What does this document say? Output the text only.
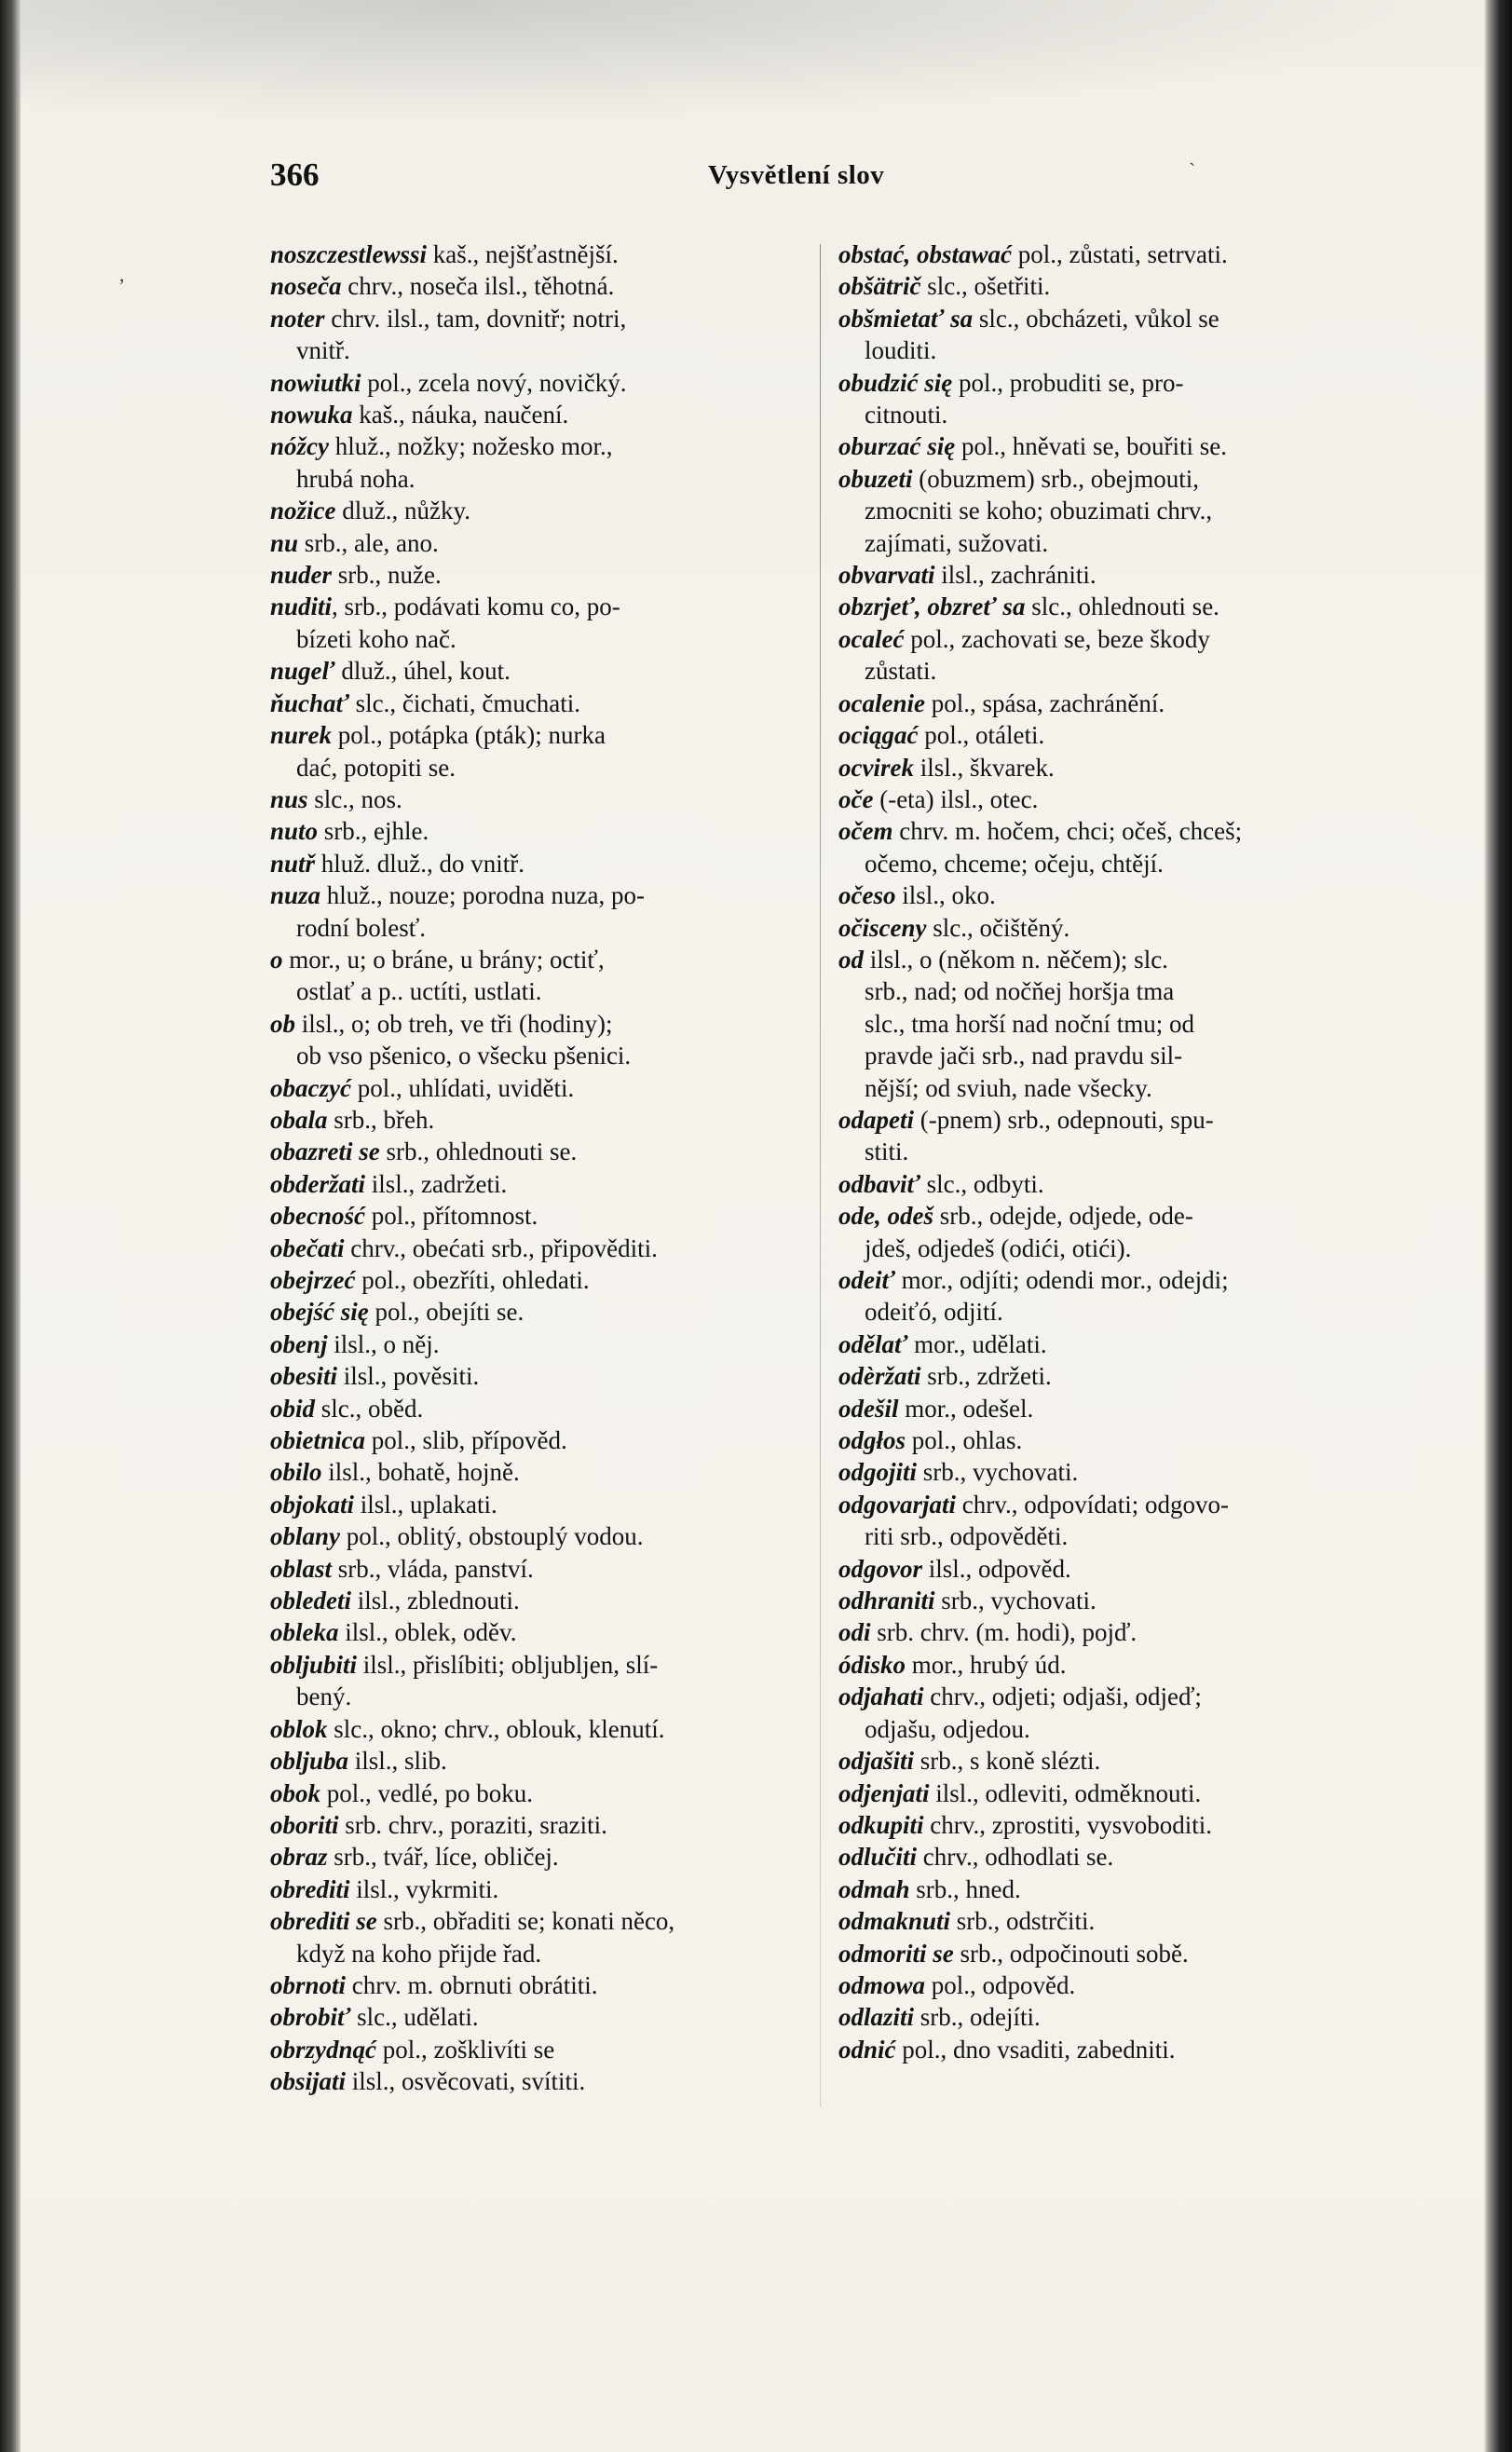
366	Vysvětlení slov
,
ˋ
noszczestlewssi kaš., nejšťastnější.
noseča chrv., noseča ilsl., těhotná.
noter chrv. ilsl., tam, dovnitř; notri,
vnitř.
nowiutki pol., zcela nový, novičký.
nowuka kaš., náuka, naučení.
nóžcy hluž., nožky; nožesko mor.,
hrubá noha.
nožice dluž., nůžky.
nu srb., ale, ano.
nuder srb., nuže.
nuditi, srb., podávati komu co, po-
bízeti koho nač.
nugeľ dluž., úhel, kout.
ňuchať slc., čichati, čmuchati.
nurek pol., potápka (pták); nurka
dać, potopiti se.
nus slc., nos.
nuto srb., ejhle.
nutř hluž. dluž., do vnitř.
nuza hluž., nouze; porodna nuza, po-
rodní bolesť.
o mor., u; o bráne, u brány; octiť,
ostlať a p.. uctíti, ustlati.
ob ilsl., o; ob treh, ve tři (hodiny);
ob vso pšenico, o všecku pšenici.
obaczyć pol., uhlídati, uviděti.
obala srb., břeh.
obazreti se srb., ohlednouti se.
obderžati ilsl., zadržeti.
obecność pol., přítomnost.
obečati chrv., obećati srb., připověditi.
obejrzeć pol., obezříti, ohledati.
obejść się pol., obejíti se.
obenj ilsl., o něj.
obesiti ilsl., pověsiti.
obid slc., oběd.
obietnica pol., slib, přípověd.
obilo ilsl., bohatě, hojně.
objokati ilsl., uplakati.
oblany pol., oblitý, obstouplý vodou.
oblast srb., vláda, panství.
obledeti ilsl., zblednouti.
obleka ilsl., oblek, oděv.
obljubiti ilsl., přislíbiti; obljubljen, slí-
bený.
oblok slc., okno; chrv., oblouk, klenutí.
obljuba ilsl., slib.
obok pol., vedlé, po boku.
oboriti srb. chrv., poraziti, sraziti.
obraz srb., tvář, líce, obličej.
obrediti ilsl., vykrmiti.
obrediti se srb., obřaditi se; konati něco,
když na koho přijde řad.
obrnoti chrv. m. obrnuti obrátiti.
obrobiť slc., udělati.
obrzydnąć pol., zošklivíti se
obsijati ilsl., osvěcovati, svítiti.
obstać, obstawać pol., zůstati, setrvati.
obšätrič slc., ošetřiti.
obšmietať sa slc., obcházeti, vůkol se
louditi.
obudzić się pol., probuditi se, pro-
citnouti.
oburzać się pol., hněvati se, bouřiti se.
obuzeti (obuzmem) srb., obejmouti,
zmocniti se koho; obuzimati chrv.,
zajímati, sužovati.
obvarvati ilsl., zachrániti.
obzrjeť, obzreť sa slc., ohlednouti se.
ocaleć pol., zachovati se, beze škody
zůstati.
ocalenie pol., spása, zachránění.
ociągać pol., otáleti.
ocvirek ilsl., škvarek.
oče (-eta) ilsl., otec.
očem chrv. m. hočem, chci; očeš, chceš;
očemo, chceme; očeju, chtějí.
očeso ilsl., oko.
očisceny slc., očištěný.
od ilsl., o (někom n. něčem); slc.
srb., nad; od nočňej horšja tma
slc., tma horší nad noční tmu; od
pravde jači srb., nad pravdu sil-
nější; od sviuh, nade všecky.
odapeti (-pnem) srb., odepnouti, spu-
stiti.
odbaviť slc., odbyti.
ode, odeš srb., odejde, odjede, ode-
jdeš, odjedeš (odići, otići).
odeiť mor., odjíti; odendi mor., odejdi;
odeiťó, odjití.
odělať mor., udělati.
odèržati srb., zdržeti.
odešil mor., odešel.
odgłos pol., ohlas.
odgojiti srb., vychovati.
odgovarjati chrv., odpovídati; odgovo-
riti srb., odpověděti.
odgovor ilsl., odpověd.
odhraniti srb., vychovati.
odi srb. chrv. (m. hodi), pojď.
ódisko mor., hrubý úd.
odjahati chrv., odjeti; odjaši, odjeď;
odjašu, odjedou.
odjašiti srb., s koně slézti.
odjenjati ilsl., odleviti, odměknouti.
odkupiti chrv., zprostiti, vysvoboditi.
odlučiti chrv., odhodlati se.
odmah srb., hned.
odmaknuti srb., odstrčiti.
odmoriti se srb., odpočinouti sobě.
odmowa pol., odpověd.
odlaziti srb., odejíti.
odnić pol., dno vsaditi, zabedniti.
